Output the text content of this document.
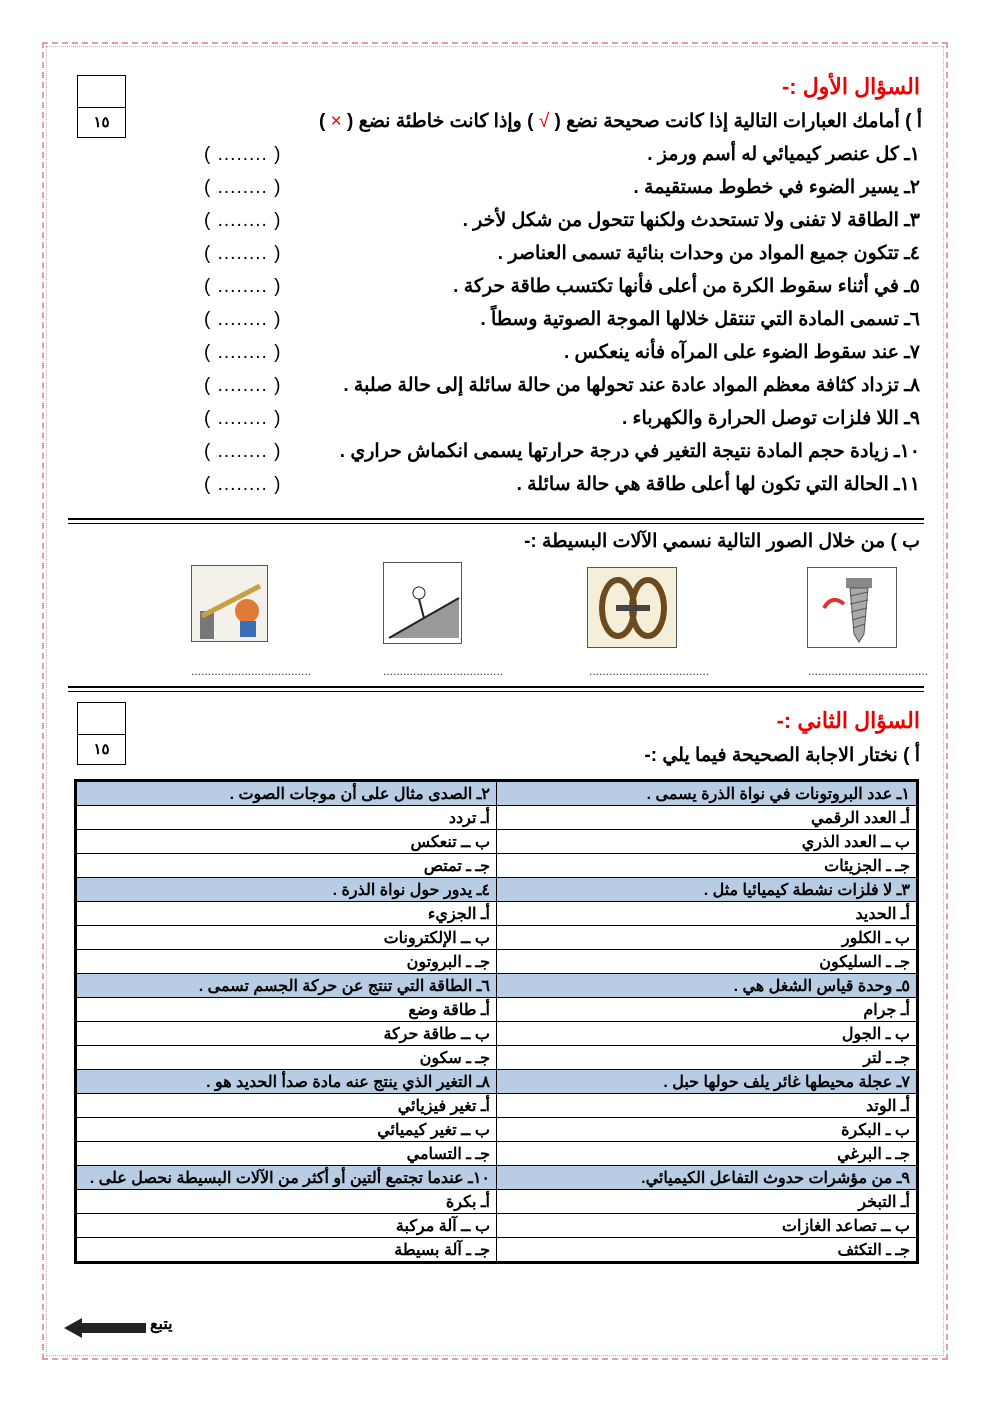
١٥
السؤال الأول :-
أ ) أمامك العبارات التالية إذا كانت صحيحة نضع ( √ ) وإذا كانت خاطئة نضع ( × )
١ـ كل عنصر كيميائي له أسم ورمز .
( ........ )
٢ـ يسير الضوء في خطوط مستقيمة .
( ........ )
٣ـ الطاقة لا تفنى ولا تستحدث ولكنها تتحول من شكل لأخر .
( ........ )
٤ـ تتكون جميع المواد من وحدات بنائية تسمى العناصر .
( ........ )
٥ـ في أثناء سقوط الكرة من أعلى فأنها تكتسب طاقة حركة .
( ........ )
٦ـ تسمى المادة التي تنتقل خلالها الموجة الصوتية وسطاً .
( ........ )
٧ـ عند سقوط الضوء على المرآه فأنه ينعكس .
( ........ )
٨ـ تزداد كثافة معظم المواد عادة عند تحولها من حالة سائلة إلى حالة صلبة .
( ........ )
٩ـ اللا فلزات توصل الحرارة والكهرباء .
( ........ )
١٠ـ زيادة حجم المادة نتيجة التغير في درجة حرارتها يسمى انكماش حراري .
( ........ )
١١ـ الحالة التي تكون لها أعلى طاقة هي حالة سائلة .
( ........ )
ب ) من خلال الصور التالية نسمي الآلات البسيطة :-
....................................	....................................	....................................	....................................
١٥
السؤال الثاني :-
أ ) نختار الاجابة الصحيحة فيما يلي :-
١ـ عدد البروتونات في نواة الذرة يسمى .	٢ـ الصدى مثال على أن موجات الصوت .
أـ العدد الرقمي	أـ تردد
ب ــ العدد الذري	ب ــ تنعكس
جـ ـ الجزيئات	جـ ـ تمتص
٣ـ لا فلزات نشطة كيميائيا مثل .	٤ـ يدور حول نواة الذرة .
أـ الحديد	أـ الجزيء
ب ـ الكلور	ب ــ الإلكترونات
جـ ـ السليكون	جـ ـ البروتون
٥ـ وحدة قياس الشغل هي .	٦ـ الطاقة التي تنتج عن حركة الجسم تسمى .
أـ جرام	أـ طاقة وضع
ب ـ الجول	ب ــ طاقة حركة
جـ ـ لتر	جـ ـ سكون
٧ـ عجلة محيطها غائر يلف حولها حبل .	٨ـ التغير الذي ينتج عنه مادة صدأ الحديد هو .
أـ الوتد	أـ تغير فيزيائي
ب ـ البكرة	ب ــ تغير كيميائي
جـ ـ البرغي	جـ ـ التسامي
٩ـ من مؤشرات حدوث التفاعل الكيميائي.	١٠ـ عندما تجتمع ألتين أو أكثر من الآلات البسيطة نحصل على .
أـ التبخر	أـ بكرة
ب ــ تصاعد الغازات	ب ــ آلة مركبة
جـ ـ التكثف	جـ ـ آلة بسيطة
يتبع
